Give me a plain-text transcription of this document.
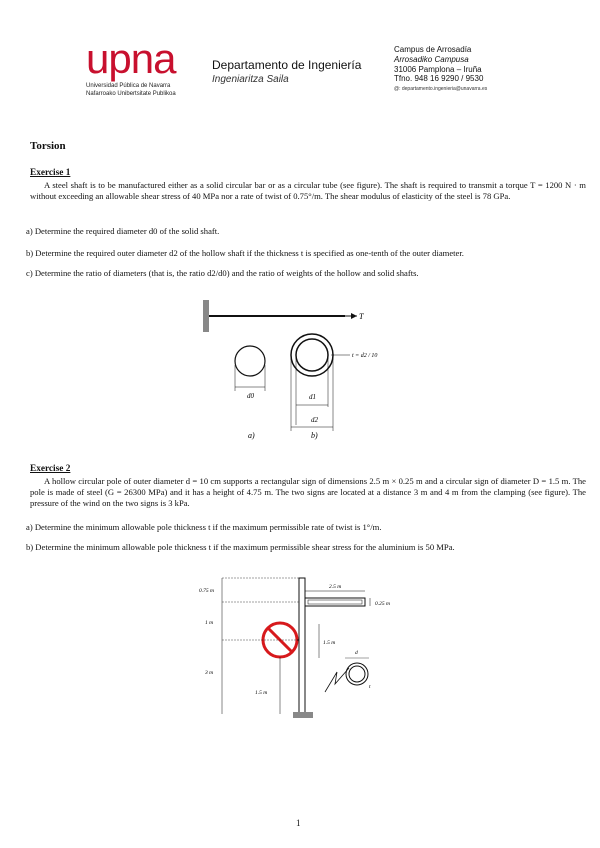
upna
Universidad Pública de Navarra
Nafarroako Unibertsitate Publikoa
Departamento de Ingeniería
Ingeniaritza Saila
Campus de Arrosadía
Arrosadiko Campusa
31006 Pamplona – Iruña
Tfno. 948 16 9290 / 9530
@: departamento.ingenieria@unavarra.es
Torsion
Exercise 1
A steel shaft is to be manufactured either as a solid circular bar or as a circular tube (see figure). The shaft is required to transmit a torque T = 1200 N · m without exceeding an allowable shear stress of 40 MPa nor a rate of twist of 0.75°/m. The shear modulus of elasticity of the steel is 78 GPa.
a) Determine the required diameter d0 of the solid shaft.
b) Determine the required outer diameter d2 of the hollow shaft if the thickness t is specified as one-tenth of the outer diameter.
c) Determine the ratio of diameters (that is, the ratio d2/d0) and the ratio of weights of the hollow and solid shafts.
T
t = d2 / 10
d0	d1
d2
a)	b)
Exercise 2
A hollow circular pole of outer diameter d = 10 cm supports a rectangular sign of dimensions 2.5 m × 0.25 m and a circular sign of diameter D = 1.5 m. The pole is made of steel (G = 26300 MPa) and it has a height of 4.75 m. The two signs are located at a distance 3 m and 4 m from the clamping (see figure). The pressure of the wind on the two signs is 3 kPa.
a) Determine the minimum allowable pole thickness t if the maximum permissible rate of twist is 1°/m.
b) Determine the minimum allowable pole thickness t if the maximum permissible shear stress for the aluminium is 50 MPa.
2.5 m
0.25 m
0.75 m
1 m
3 m
1.5 m
1.5 m
d
t
1
